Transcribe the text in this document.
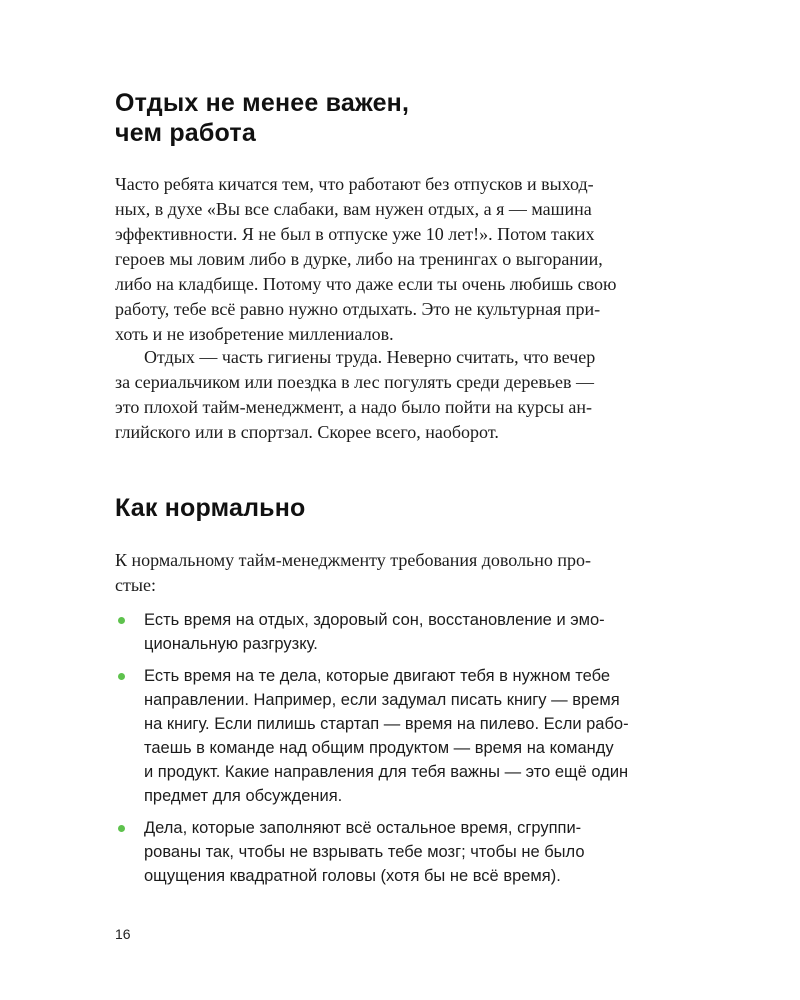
Отдых не менее важен,
чем работа
Часто ребята кичатся тем, что работают без отпусков и выход-
ных, в духе «Вы все слабаки, вам нужен отдых, а я — машина
эффективности. Я не был в отпуске уже 10 лет!». Потом таких
героев мы ловим либо в дурке, либо на тренингах о выгорании,
либо на кладбище. Потому что даже если ты очень любишь свою
работу, тебе всё равно нужно отдыхать. Это не культурная при-
хоть и не изобретение миллениалов.
Отдых — часть гигиены труда. Неверно считать, что вечер
за сериальчиком или поездка в лес погулять среди деревьев —
это плохой тайм-менеджмент, а надо было пойти на курсы ан-
глийского или в спортзал. Скорее всего, наоборот.
Как нормально
К нормальному тайм-менеджменту требования довольно про-
стые:
Есть время на отдых, здоровый сон, восстановление и эмо-
циональную разгрузку.
Есть время на те дела, которые двигают тебя в нужном тебе
направлении. Например, если задумал писать книгу — время
на книгу. Если пилишь стартап — время на пилево. Если рабо-
таешь в команде над общим продуктом — время на команду
и продукт. Какие направления для тебя важны — это ещё один
предмет для обсуждения.
Дела, которые заполняют всё остальное время, сгруппи-
рованы так, чтобы не взрывать тебе мозг; чтобы не было
ощущения квадратной головы (хотя бы не всё время).
16
